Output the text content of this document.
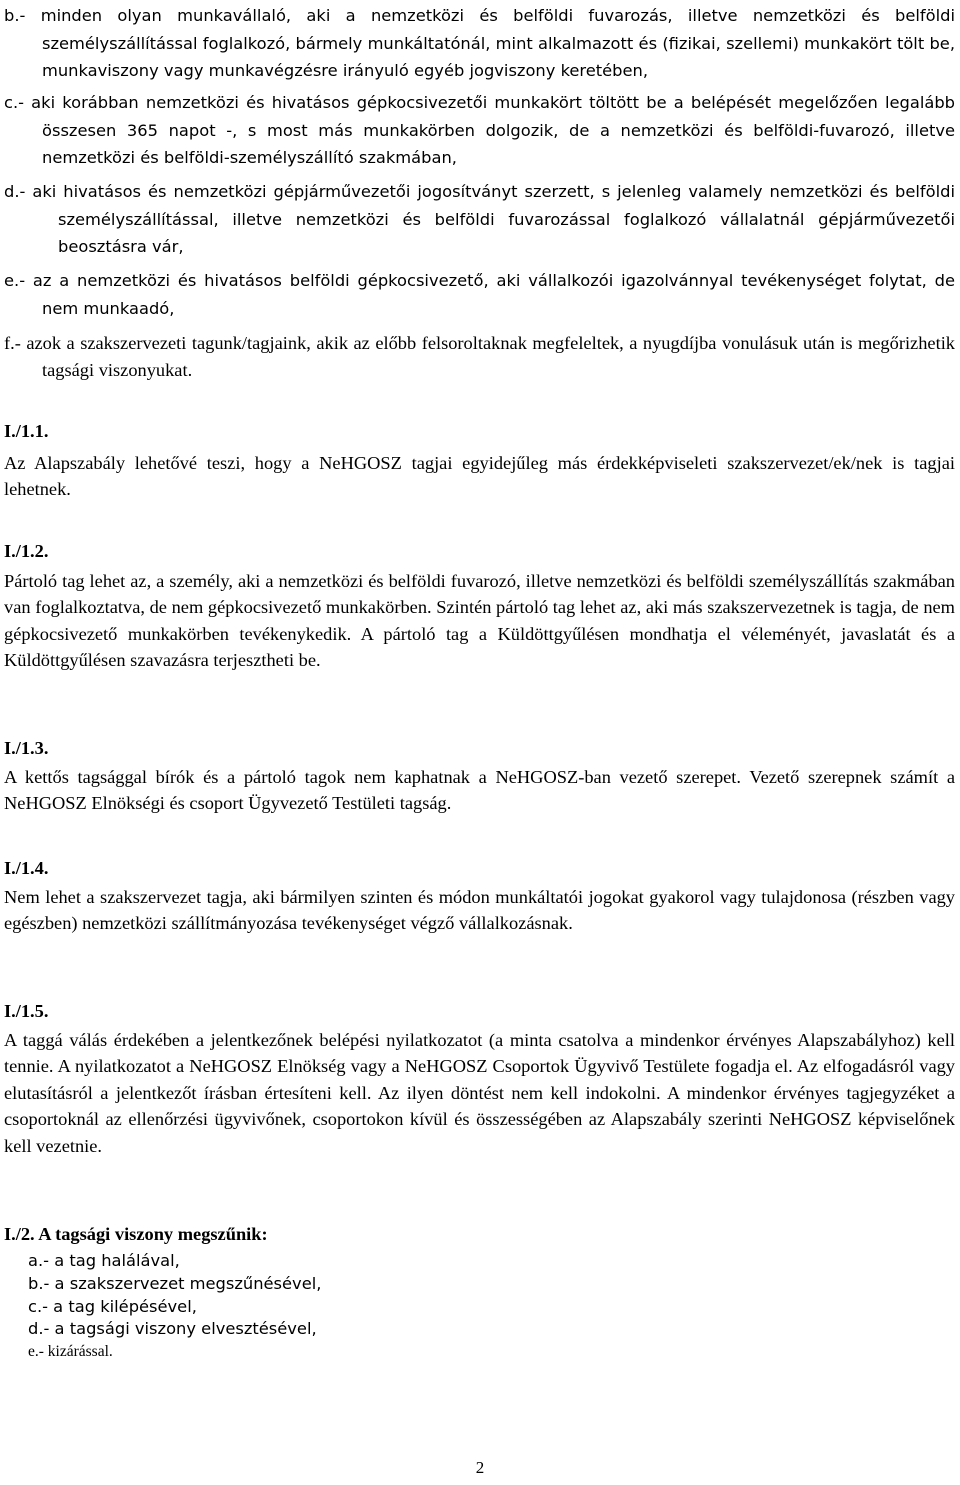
b.- minden olyan munkavállaló, aki a nemzetközi és belföldi fuvarozás, illetve nemzetközi és belföldi személyszállítással foglalkozó, bármely munkáltatónál, mint alkalmazott és (fizikai, szellemi) munkakört tölt be, munkaviszony vagy munkavégzésre irányuló egyéb jogviszony keretében,
c.- aki korábban nemzetközi és hivatásos gépkocsivezetői munkakört töltött be a belépését megelőzően legalább összesen 365 napot -, s most más munkakörben dolgozik, de a nemzetközi és belföldi-fuvarozó, illetve nemzetközi és belföldi-személyszállító szakmában,
d.- aki hivatásos és nemzetközi gépjárművezetői jogosítványt szerzett, s jelenleg valamely nemzetközi és belföldi személyszállítással, illetve nemzetközi és belföldi fuvarozással foglalkozó vállalatnál gépjárművezetői beosztásra vár,
e.- az a nemzetközi és hivatásos belföldi gépkocsivezető, aki vállalkozói igazolvánnyal tevékenységet folytat, de nem munkaadó,
f.- azok a szakszervezeti tagunk/tagjaink, akik az előbb felsoroltaknak megfeleltek, a nyugdíjba vonulásuk után is megőrizhetik tagsági viszonyukat.
I./1.1.
Az Alapszabály lehetővé teszi, hogy a NeHGOSZ tagjai egyidejűleg más érdekképviseleti szakszervezet/ek/nek is tagjai lehetnek.
I./1.2.
Pártoló tag lehet az, a személy, aki a nemzetközi és belföldi fuvarozó, illetve nemzetközi és belföldi személyszállítás szakmában van foglalkoztatva, de nem gépkocsivezető munkakörben. Szintén pártoló tag lehet az, aki más szakszervezetnek is tagja, de nem gépkocsivezető munkakörben tevékenykedik. A pártoló tag a Küldöttgyűlésen mondhatja el véleményét, javaslatát és a Küldöttgyűlésen szavazásra terjesztheti be.
I./1.3.
A kettős tagsággal bírók és a pártoló tagok nem kaphatnak a NeHGOSZ-ban vezető szerepet. Vezető szerepnek számít a NeHGOSZ Elnökségi és csoport Ügyvezető Testületi tagság.
I./1.4.
Nem lehet a szakszervezet tagja, aki bármilyen szinten és módon munkáltatói jogokat gyakorol vagy tulajdonosa (részben vagy egészben) nemzetközi szállítmányozása tevékenységet végző vállalkozásnak.
I./1.5.
A taggá válás érdekében a jelentkezőnek belépési nyilatkozatot (a minta csatolva a mindenkor érvényes Alapszabályhoz) kell tennie. A nyilatkozatot a NeHGOSZ Elnökség vagy a NeHGOSZ Csoportok Ügyvivő Testülete fogadja el. Az elfogadásról vagy elutasításról a jelentkezőt írásban értesíteni kell. Az ilyen döntést nem kell indokolni. A mindenkor érvényes tagjegyzéket a csoportoknál az ellenőrzési ügyvivőnek, csoportokon kívül és összességében az Alapszabály szerinti NeHGOSZ képviselőnek kell vezetnie.
I./2. A tagsági viszony megszűnik:
a.- a tag halálával,
b.- a szakszervezet megszűnésével,
c.- a tag kilépésével,
d.- a tagsági viszony elvesztésével,
e.- kizárással.
2
